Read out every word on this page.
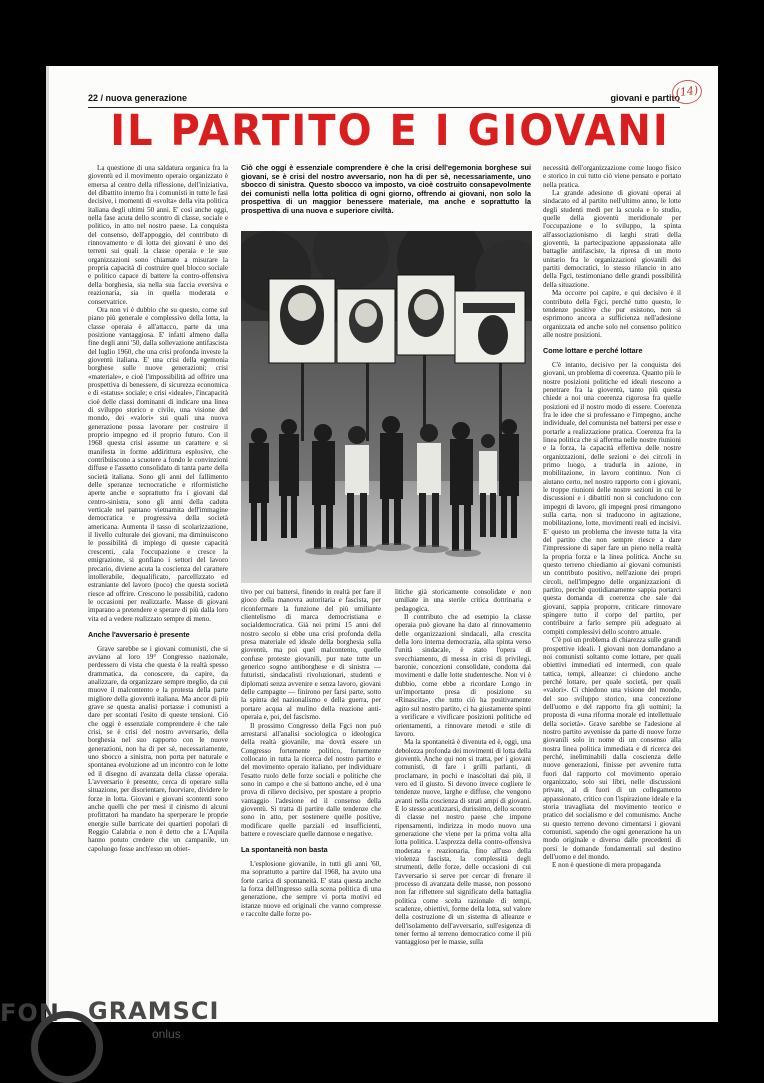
22 / nuova generazione	giovani e partito
(14)
IL PARTITO E I GIOVANI

La questione di una saldatura organica fra la gioventù ed il movimento operaio organizzato è emersa al centro della riflessione, dell'iniziativa, del dibattito interno fra i comunisti in tutte le fasi decisive, i momenti di «svolta» della vita politica italiana degli ultimi 50 anni. E' così anche oggi, nella fase acuta dello scontro di classe, sociale e politico, in atto nel nostro paese. La conquista del consenso, dell'appoggio, del contributo di rinnovamento e di lotta dei giovani è uno dei terreni sui quali la classe operaia e le sue organizzazioni sono chiamate a misurare la propria capacità di costruire quel blocco sociale e politico capace di battere la contro-offensiva della borghesia, sia nella sua faccia eversiva e reazionaria, sia in quella moderata e conservatrice.

Ora non vi è dubbio che su questo, come sul piano più generale e complessivo della lotta, la classe operaia è all'attacco, parte da una posizione vantaggiosa. E' infatti almeno dalla fine degli anni '50, dalla sollevazione antifascista del luglio 1960, che una crisi profonda investe la gioventù italiana. E' una crisi della egemonia borghese sulle nuove generazioni; crisi «materiale», e cioè l'impossibilità ad offrire una prospettiva di benessere, di sicurezza economica e di «status» sociale; e crisi «ideale», l'incapacità cioè delle classi dominanti di indicare una linea di sviluppo storico e civile, una visione del mondo, dei «valori» sui quali una nuova generazione possa lavorare per costruire il proprio impegno ed il proprio futuro. Con il 1968 questa crisi assume un carattere e si manifesta in forme addirittura esplosive, che contribuiscono a scuotere a fondo le convinzioni diffuse e l'assetto consolidato di tanta parte della società italiana. Sono gli anni del fallimento delle speranze tecnocratiche e riformistiche aperte anche e soprattutto fra i giovani dal centro-sinistra, sono gli anni della caduta verticale nel pantano vietnamita dell'immagine democratica e progressiva della società americana. Aumenta il tasso di scolarizzazione, il livello culturale dei giovani, ma diminuiscono le possibilità di impiego di queste capacità crescenti, cala l'occupazione e cresce la emigrazione, si gonfiano i settori del lavoro precario, diviene acuta la coscienza del carattere intollerabile, dequalificato, parcellizzato ed estraniante del lavoro (poco) che questa società riesce ad offrire. Crescono le possibilità, cadono le occasioni per realizzarle. Masse di giovani imparano a pretendere e sperare di più dalla loro vita ed a vedere realizzato sempre di meno.

Anche l'avversario è presente

Grave sarebbe se i giovani comunisti, che si avviano al loro 19° Congresso nazionale, perdessero di vista che questa è la realtà spesso drammatica, da conoscere, da capire, da analizzare, da organizzare sempre meglio, da cui muove il malcontento e la protesta della parte migliore della gioventù italiana. Ma ancor di più grave se questa analisi portasse i comunisti a dare per scontati l'esito di queste tensioni. Ciò che oggi è essenziale comprendere è che tale crisi, se è crisi del nostro avversario, della borghesia nel suo rapporto con le nuove generazioni, non ha di per sè, necessariamente, uno sbocco a sinistra, non porta per naturale e spontanea evoluzione ad un incontro con le lotte ed il disegno di avanzata della classe operaia. L'avversario è presente, cerca di operare sulla situazione, per disorientare, fuorviare, dividere le forze in lotta. Giovani e giovani scontenti sono anche quelli che per mesi il cinismo di alcuni profittatori ha mandato ha sperperare le proprie energie sulle barricate dei quartieri popolari di Reggio Calabria e non è detto che a L'Aquila hanno potuto credere che un campanile, un capoluogo fosse anch'esso un obiet-

Ciò che oggi è essenziale comprendere è che la crisi dell'egemonia borghese sui giovani, se è crisi del nostro avversario, non ha di per sè, necessariamente, uno sbocco di sinistra. Questo sbocco va imposto, va cioè costruito consapevolmente dei comunisti nella lotta politica di ogni giorno, offrendo ai giovani, non solo la prospettiva di un maggior benessere materiale, ma anche e soprattutto la prospettiva di una nuova e superiore civiltà.

tivo per cui battersi, finendo in realtà per fare il gioco della manovra autoritaria e fascista, per riconfermare la funzione del più umiliante clientelismo di marca democristiana e socialdemocratica. Già nei primi 15 anni del nostro secolo si ebbe una crisi profonda della presa materiale ed ideale della borghesia sulla gioventù, ma poi quel malcontento, quelle confuse proteste giovanili, pur nate tutte un generico sogno antiborghese e di sinistra — futuristi, sindacalisti rivoluzionari, studenti e diplomati senza avvenire e senza lavoro, giovani delle campagne — finirono per farsi parte, sotto la spinta del nazionalismo e della guerra, per portare acqua al mulino della reazione anti-operaia e, poi, del fascismo.

Il prossimo Congresso della Fgci non può arrestarsi all'analisi sociologica o ideologica della realtà giovanile, ma dovrà essere un Congresso fortemente politico, fortemente collocato in tutta la ricerca del nostro partito e del movimento operaio italiano, per individuare l'esatto ruolo delle forze sociali e politiche che sono in campo e che si battono anche, ed è una prova di rilievo decisivo, per spostare a proprio vantaggio l'adesione ed il consenso della gioventù. Si tratta di partire dalle tendenze che sono in atto, per sostenere quelle positive, modificare quelle parziali ed insufficienti, battere e rovesciare quelle dannose e negative.

La spontaneità non basta

L'esplosione giovanile, in tutti gli anni '60, ma soprattutto a partire dal 1968, ha avuto una forte carica di spontaneità. E' stata questa anche la forza dell'ingresso sulla scena politica di una generazione, che sempre vi porta motivi ed istanze nuove ed originali che vanno compresse e raccolte dalle forze po-

litiche già storicamente consolidate e non umiliate in una sterile critica dottrinaria e pedagogica.

Il contributo che ad esempio la classe operaia può giovane ha dato al rinnovamento delle organizzazioni sindacali, alla crescita della loro interna democrazia, alla spinta verso l'unità sindacale, è stato l'opera di svecchiamento, di messa in crisi di privilegi, baronie, concezioni consolidate, condotta dai movimenti e dalle lotte studentesche. Non vi è dubbio, come ebbe a ricordare Longo in un'importante presa di posizione su «Rinascita», che tutto ciò ha positivamente agito sul nostro partito, ci ha giustamente spinti a verificare e vivificare posizioni politiche ed orientamenti, a rinnovare metodi e stile di lavoro.

Ma la spontaneità è divenuta ed è, oggi, una debolezza profonda dei movimenti di lotta della gioventù. Anche qui non si tratta, per i giovani comunisti, di fare i grilli parlanti, di proclamare, in pochi e inascoltati dai più, il vero ed il giusto. Si devono invece cogliere le tendenze nuove, larghe e diffuse, che vengono avanti nella coscienza di strati ampi di giovani. E lo stesso acutizzarsi, durissimo, dello scontro di classe nel nostro paese che impone ripensamenti, indirizza in modo nuovo una generazione che viene per la prima volta alla lotta politica. L'asprezza della contro-offensiva moderata e reazionaria, fino all'uso della violenza fascista, la complessità degli strumenti, delle forze, delle occasioni di cui l'avversario si serve per cercar di frenare il processo di avanzata delle masse, non possono non far riflettere sul significato della battaglia politica come scelta razionale di tempi, scadenze, obiettivi, forme della lotta, sul valore della costruzione di un sistema di alleanze e dell'isolamento dell'avversario, sull'esigenza di tener fermo al terreno democratico come il più vantaggioso per le masse, sulla

necessità dell'organizzazione come luogo fisico e storico in cui tutto ciò viene pensato e portato nella pratica.

La grande adesione di giovani operai al sindacato ed al partito nell'ultimo anno, le lotte degli studenti medi per la scuola e lo studio, quelle della gioventù meridionale per l'occupazione e lo sviluppo, la spinta all'associazionismo di larghi strati della gioventù, la partecipazione appassionata alle battaglie antifasciste, la ripresa di un moto unitario fra le organizzazioni giovanili dei partiti democratici, lo stesso rilancio in atto della Fgci, testimoniano delle grandi possibilità della situazione.

Ma occorre poi capire, e qui decisivo è il contributo della Fgci, perché tutto questo, le tendenze positive che pur esistono, non si esprimono ancora a sufficienza nell'adesione organizzata ed anche solo nel consenso politico alle nostre posizioni.

Come lottare e perché lottare

C'è intanto, decisivo per la conquista dei giovani, un problema di coerenza. Quanto più le nostre posizioni politiche ed ideali riescono a penetrare fra la gioventù, tanto più questa chiede a noi una coerenza rigorosa fra quelle posizioni ed il nostro modo di essere. Coerenza fra le idee che si professano e l'impegno, anche individuale, del comunista nel battersi per esse e portarle a realizzazione pratica. Coerenza fra la linea politica che si afferma nelle nostre riunioni e la forza, la capacità effettiva delle nostre organizzazioni, delle sezioni e dei circoli in primo luogo, a tradurla in azione, in mobilitazione, in lavoro continuo. Non ci aiutano certo, nel nostro rapporto con i giovani, le troppe riunioni delle nostre sezioni in cui le discussioni e i dibattiti non si concludono con impegni di lavoro, gli impegni presi rimangono sulla carta, non si traducono in agitazione, mobilitazione, lotte, movimenti reali ed incisivi. E' questo un problema che investe tutta la vita del partito che non sempre riesce a dare l'impressione di saper fare un pieno nella realtà la propria forza e la linea politica. Anche su questo terreno chiediamo ai giovani comunisti un contributo positivo, nell'azione dei propri circoli, nell'impegno delle organizzazioni di partito, perché quotidianamente sappia portarci questa domanda di coerenza che sale dai giovani, sappia proporre, criticare rinnovare spingere tutto il corpo del partito, per contribuire a farlo sempre più adeguato ai compiti complessivi dello scontro attuale.

C'è poi un problema di chiarezza sulle grandi prospettive ideali. I giovani non domandano a noi comunisti soltanto come lottare, per quali obiettivi immediati ed intermedi, con quale tattica, tempi, alleanze: ci chiedono anche perché lottare, per quale società, per quali «valori». Ci chiedono una visione del mondo, del suo sviluppo storico, una concezione dell'uomo e del rapporto fra gli uomini; la proposta di «una riforma morale ed intellettuale della società». Grave sarebbe se l'adesione al nostro partito avvenisse da parte di nuove forze giovanili solo in nome di un consenso alla nostra linea politica immediata e di ricerca dei perché, ineliminabili dalla coscienza delle nuove generazioni, finisse per avvenire tutta fuori dal rapporto col movimento operaio organizzato, solo sui libri, nelle discussioni private, al di fuori di un collegamento appassionato, critico con l'ispirazione ideale e la storia travagliata del movimento teorico e pratico del socialismo e del comunismo. Anche su questo terreno devono cimentarsi i giovani comunisti, sapendo che ogni generazione ha un modo originale e diverso dalle precedenti di porsi le domande fondamentali sul destino dell'uomo e del mondo.

E non è questione di mera propaganda

FON GRAMSCI
onlus
